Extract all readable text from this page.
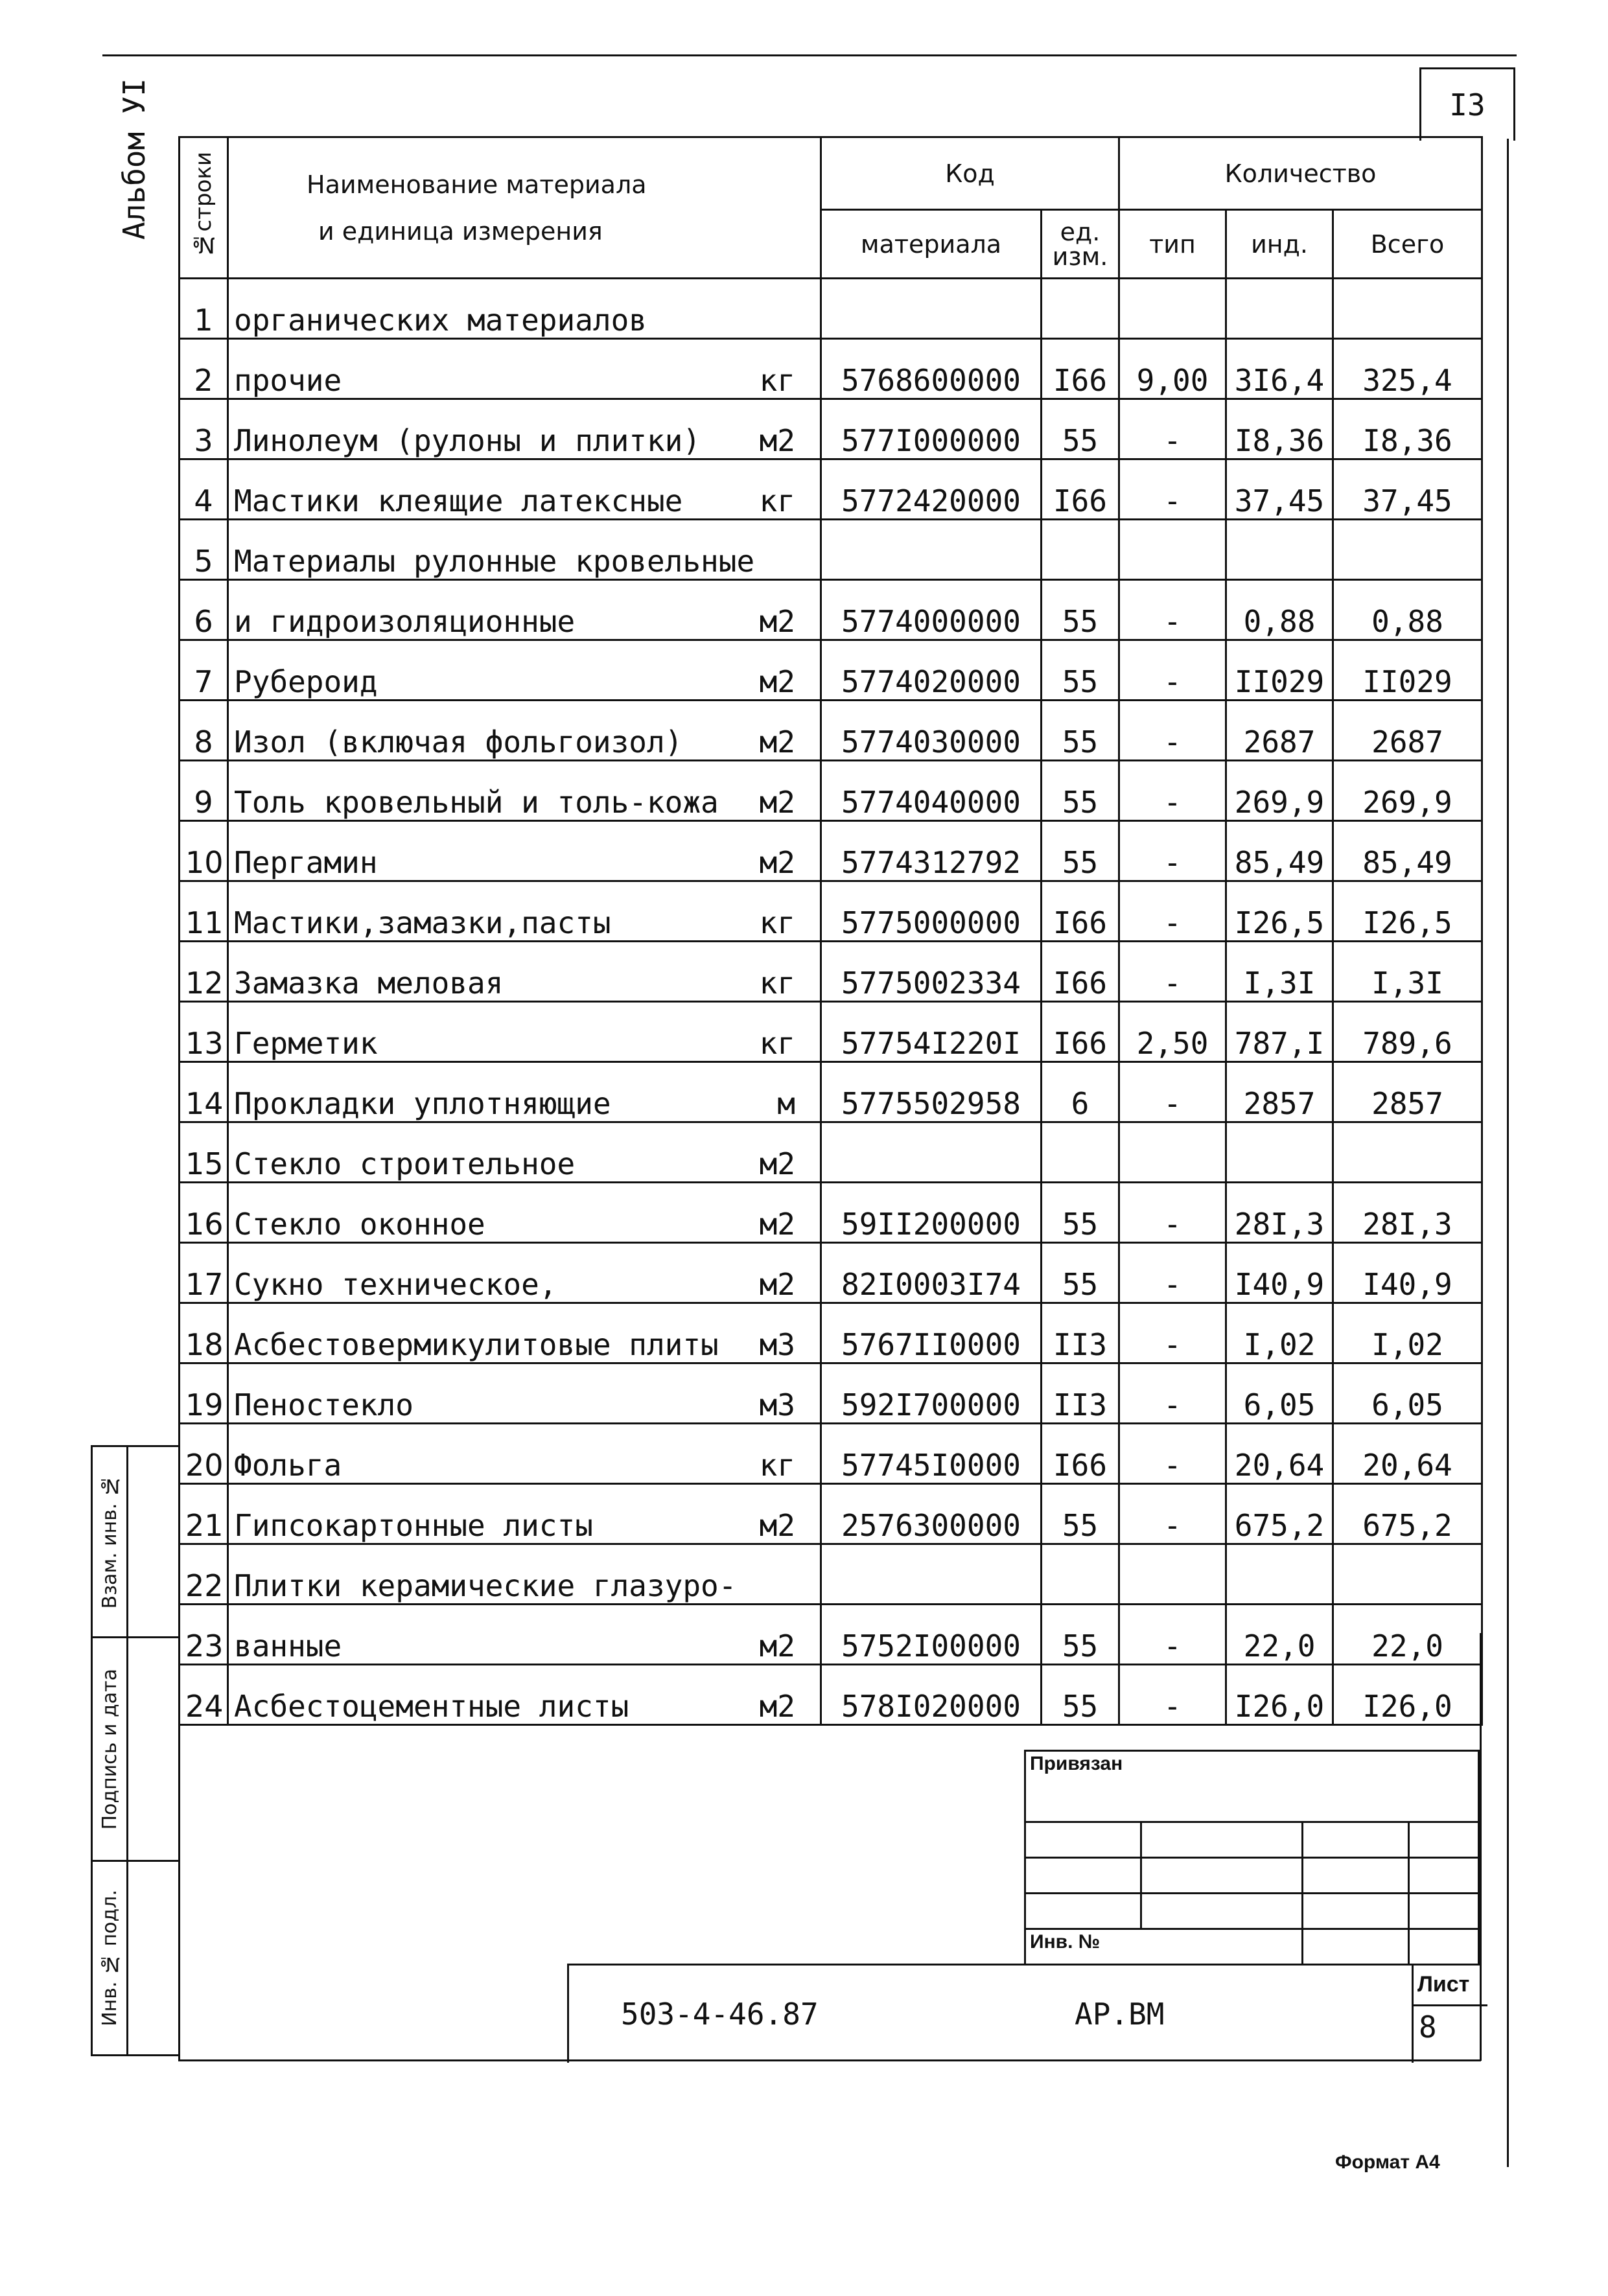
I3
Альбом УI №строки	Наименование материала
и единица измерения	Код		Количество		
		материала	ед.
изм.	тип	инд.	Всего
1	органических материалов					

2	прочие кг	5768600000	I66	9,00	3I6,4	325,4
3	Линолеум (рулоны и плитки) м2	577I000000	55	-	I8,36	I8,36
4	Мастики клеящие латексные кг	5772420000	I66	-	37,45	37,45
5	Материалы рулонные кровельные					

6	и гидроизоляционные м2	5774000000	55	-	0,88	0,88
7	Рубероид м2	5774020000	55	-	II029	II029
8	Изол (включая фольгоизол) м2	5774030000	55	-	2687	2687
9	Толь кровельный и толь-кожа м2	5774040000	55	-	269,9	269,9
10	Пергамин м2	5774312792	55	-	85,49	85,49
11	Мастики,замазки,пасты кг	5775000000	I66	-	I26,5	I26,5
12	Замазка меловая кг	5775002334	I66	-	I,3I	I,3I
13	Герметик кг	57754I220I	I66	2,50	787,I	789,6
14	Прокладки уплотняющие м	5775502958	6	-	2857	2857
15	Стекло строительное м2					

16	Стекло оконное м2	59II200000	55	-	28I,3	28I,3
17	Сукно техническое, м2	82I0003I74	55	-	I40,9	I40,9
18	Асбестовермикулитовые плиты м3	5767II0000	II3	-	I,02	I,02
19	Пеностекло м3	592I700000	II3	-	6,05	6,05
20	Фольга кг	57745I0000	I66	-	20,64	20,64
21	Гипсокартонные листы м2	2576300000	55	-	675,2	675,2
22	Плитки керамические глазуро-					

23	ванные м2	5752I00000	55	-	22,0	22,0
24	Асбестоцементные листы м2	578I020000	55	-	I26,0	I26,0
Взам. инв. №
Подпись и дата
Инв. № подл.
Привязан			

Инв. №			
503-4-46.87	АР.ВМ
Лист
8
Формат А4
